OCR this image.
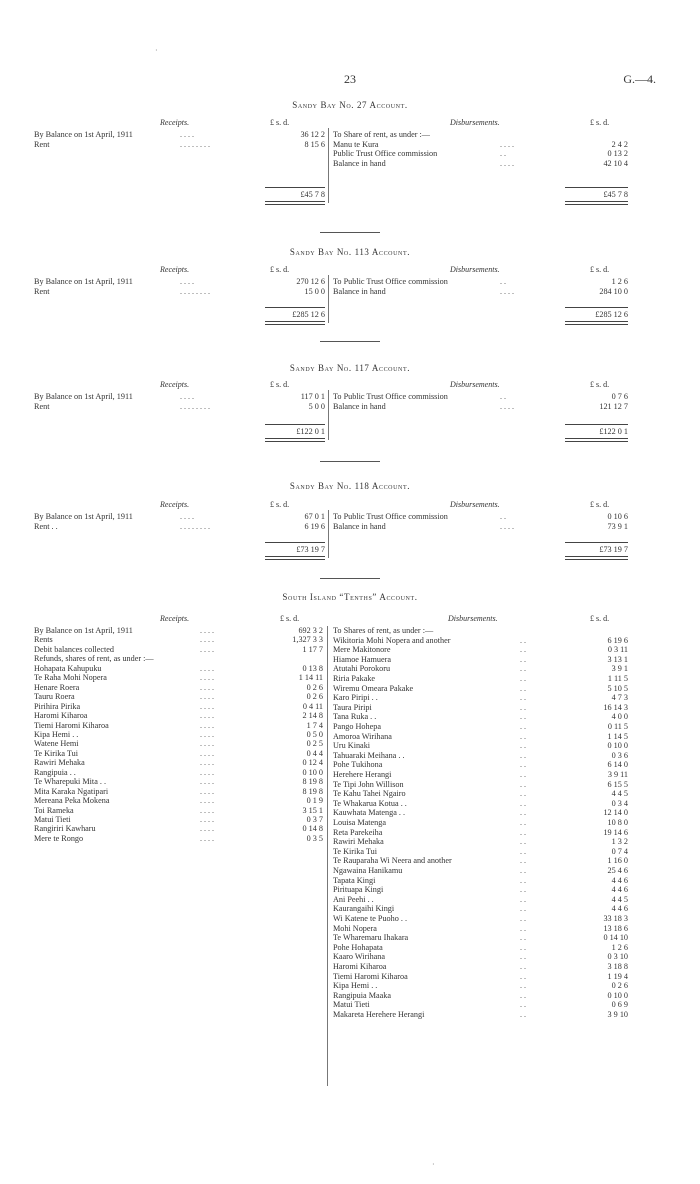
23	G.—4.
Sandy Bay No. 27 Account.
Receipts.	£ s. d.	Disbursements.	£ s. d.
By Balance on 1st April, 1911	. . . .	36 12 2
Rent	. . . . . . . .	8 15 6
To Share of rent, as under :—
Manu te Kura	. . . .	2 4 2
Public Trust Office commission	. .	0 13 2
Balance in hand	. . . .	42 10 4
£45 7 8	£45 7 8
Sandy Bay No. 113 Account.
Receipts.	£ s. d.	Disbursements.	£ s. d.
By Balance on 1st April, 1911	. . . .	270 12 6
Rent	. . . . . . . .	15 0 0
To Public Trust Office commission	. .	1 2 6
Balance in hand	. . . .	284 10 0
£285 12 6	£285 12 6
Sandy Bay No. 117 Account.
Receipts.	£ s. d.	Disbursements.	£ s. d.
By Balance on 1st April, 1911	. . . .	117 0 1
Rent	. . . . . . . .	5 0 0
To Public Trust Office commission	. .	0 7 6
Balance in hand	. . . .	121 12 7
£122 0 1	£122 0 1
Sandy Bay No. 118 Account.
Receipts.	£ s. d.	Disbursements.	£ s. d.
By Balance on 1st April, 1911	. . . .	67 0 1
Rent . .	. . . . . . . .	6 19 6
To Public Trust Office commission	. .	0 10 6
Balance in hand	. . . .	73 9 1
£73 19 7	£73 19 7
South Island “Tenths” Account.
Receipts.	£ s. d.	Disbursements.	£ s. d.
By Balance on 1st April, 1911	. . . .	692 3 2
Rents	. . . .	1,327 3 3
Debit balances collected	. . . .	1 17 7
Refunds, shares of rent, as under :—
Hohapata Kahupuku	. . . .	0 13 8
Te Raha Mohi Nopera	. . . .	1 14 11
Henare Roera	. . . .	0 2 6
Tauru Roera	. . . .	0 2 6
Pirihira Pirika	. . . .	0 4 11
Haromi Kiharoa	. . . .	2 14 8
Tiemi Haromi Kiharoa	. . . .	1 7 4
Kipa Hemi . .	. . . .	0 5 0
Watene Hemi	. . . .	0 2 5
Te Kirika Tui	. . . .	0 4 4
Rawiri Mehaka	. . . .	0 12 4
Rangipuia . .	. . . .	0 10 0
Te Wharepuki Mita . .	. . . .	8 19 8
Mita Karaka Ngatipari	. . . .	8 19 8
Mereana Peka Mokena	. . . .	0 1 9
Toi Rameka	. . . .	3 15 1
Matui Tieti	. . . .	0 3 7
Rangiriri Kawharu	. . . .	0 14 8
Mere te Rongo	. . . .	0 3 5
To Shares of rent, as under :—
Wikitoria Mohi Nopera and another	. .	6 19 6
Mere Makitonore	. .	0 3 11
Hiamoe Hamuera	. .	3 13 1
Atutahi Porokoru	. .	3 9 1
Riria Pakake	. .	1 11 5
Wiremu Omeara Pakake	. .	5 10 5
Karo Piripi . .	. .	4 7 3
Taura Piripi	. .	16 14 3
Tana Ruka . .	. .	4 0 0
Pango Hohepa	. .	0 11 5
Amoroa Wirihana	. .	1 14 5
Uru Kinaki	. .	0 10 0
Tahuaraki Meihana . .	. .	0 3 6
Pohe Tukihona	. .	6 14 0
Herehere Herangi	. .	3 9 11
Te Tipi John Willison	. .	6 15 5
Te Kahu Tahei Ngairo	. .	4 4 5
Te Whakarua Kotua . .	. .	0 3 4
Kauwhata Matenga . .	. .	12 14 0
Louisa Matenga	. .	10 8 0
Reta Parekeiha	. .	19 14 6
Rawiri Mehaka	. .	1 3 2
Te Kirika Tui	. .	0 7 4
Te Rauparaha Wi Neera and another	. .	1 16 0
Ngawaina Hanikamu	. .	25 4 6
Tapata Kingi	. .	4 4 6
Pirituapa Kingi	. .	4 4 6
Ani Peehi . .	. .	4 4 5
Kaurangaihi Kingi	. .	4 4 6
Wi Katene te Puoho . .	. .	33 18 3
Mohi Nopera	. .	13 18 6
Te Wharemaru Ihakara	. .	0 14 10
Pohe Hohapata	. .	1 2 6
Kaaro Wirihana	. .	0 3 10
Haromi Kiharoa	. .	3 18 8
Tiemi Haromi Kiharoa	. .	1 19 4
Kipa Hemi . .	. .	0 2 6
Rangipuia Maaka	. .	0 10 0
Matui Tieti	. .	0 6 9
Makareta Herehere Herangi	. .	3 9 10
·
·
